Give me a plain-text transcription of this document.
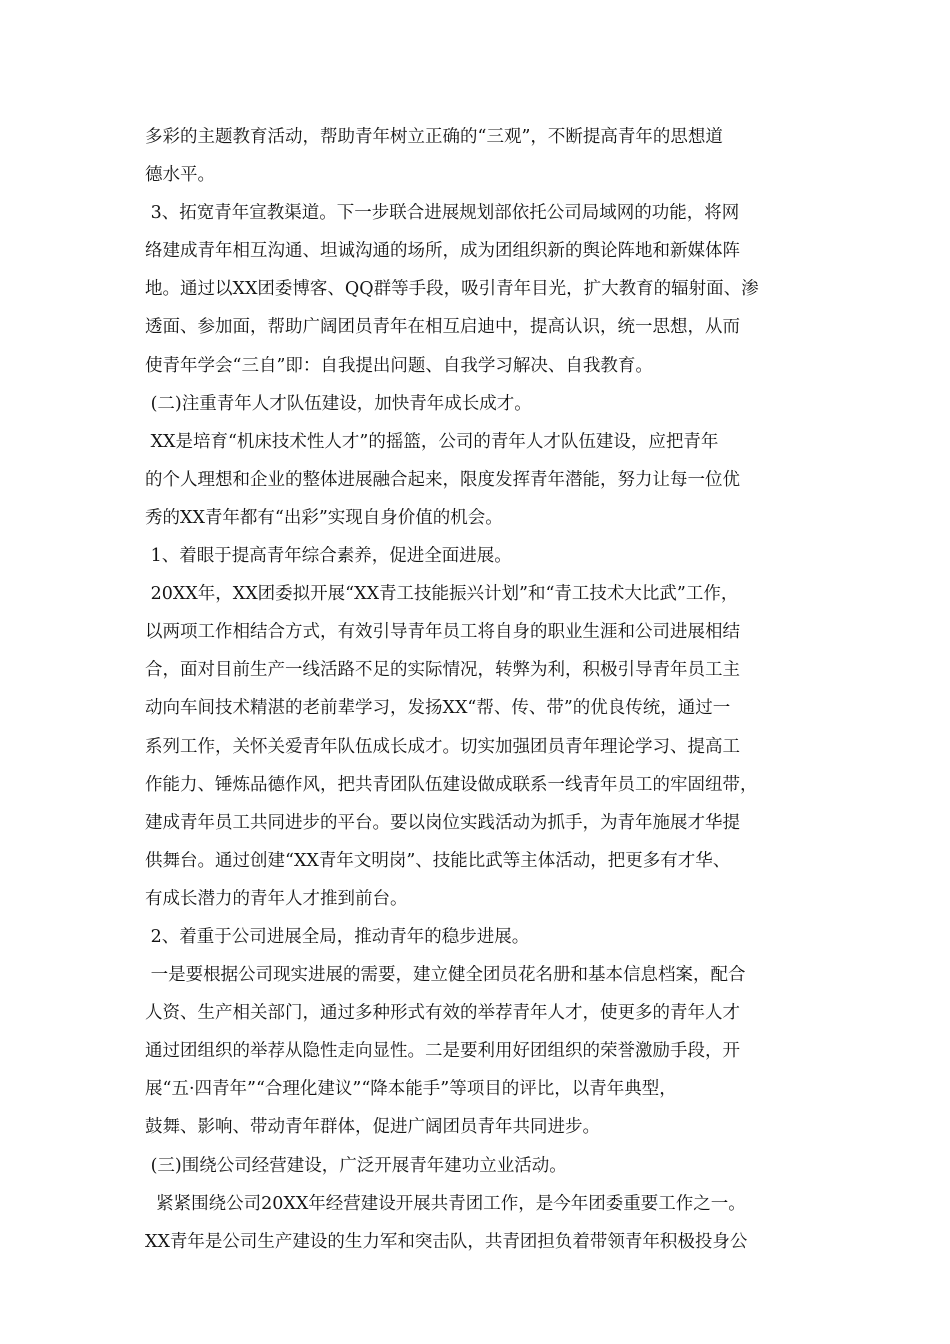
多彩的主题教育活动，帮助青年树立正确的“三观”，不断提高青年的思想道
德水平。
3、拓宽青年宣教渠道。下一步联合进展规划部依托公司局域网的功能，将网
络建成青年相互沟通、坦诚沟通的场所，成为团组织新的舆论阵地和新媒体阵
地。通过以XX团委博客、QQ群等手段，吸引青年目光，扩大教育的辐射面、渗
透面、参加面，帮助广阔团员青年在相互启迪中，提高认识，统一思想，从而
使青年学会“三自”即：自我提出问题、自我学习解决、自我教育。
(二)注重青年人才队伍建设，加快青年成长成才。
XX是培育“机床技术性人才”的摇篮，公司的青年人才队伍建设，应把青年
的个人理想和企业的整体进展融合起来，限度发挥青年潜能，努力让每一位优
秀的XX青年都有“出彩”实现自身价值的机会。
1、着眼于提高青年综合素养，促进全面进展。
20XX年，XX团委拟开展“XX青工技能振兴计划”和“青工技术大比武”工作，
以两项工作相结合方式，有效引导青年员工将自身的职业生涯和公司进展相结
合，面对目前生产一线活路不足的实际情况，转弊为利，积极引导青年员工主
动向车间技术精湛的老前辈学习，发扬XX“帮、传、带”的优良传统，通过一
系列工作，关怀关爱青年队伍成长成才。切实加强团员青年理论学习、提高工
作能力、锤炼品德作风，把共青团队伍建设做成联系一线青年员工的牢固纽带，
建成青年员工共同进步的平台。要以岗位实践活动为抓手，为青年施展才华提
供舞台。通过创建“XX青年文明岗”、技能比武等主体活动，把更多有才华、
有成长潜力的青年人才推到前台。
2、着重于公司进展全局，推动青年的稳步进展。
一是要根据公司现实进展的需要，建立健全团员花名册和基本信息档案，配合
人资、生产相关部门，通过多种形式有效的举荐青年人才，使更多的青年人才
通过团组织的举荐从隐性走向显性。二是要利用好团组织的荣誉激励手段，开
展“五·四青年”“合理化建议”“降本能手”等项目的评比，以青年典型，
鼓舞、影响、带动青年群体，促进广阔团员青年共同进步。
(三)围绕公司经营建设，广泛开展青年建功立业活动。
紧紧围绕公司20XX年经营建设开展共青团工作，是今年团委重要工作之一。
XX青年是公司生产建设的生力军和突击队，共青团担负着带领青年积极投身公
